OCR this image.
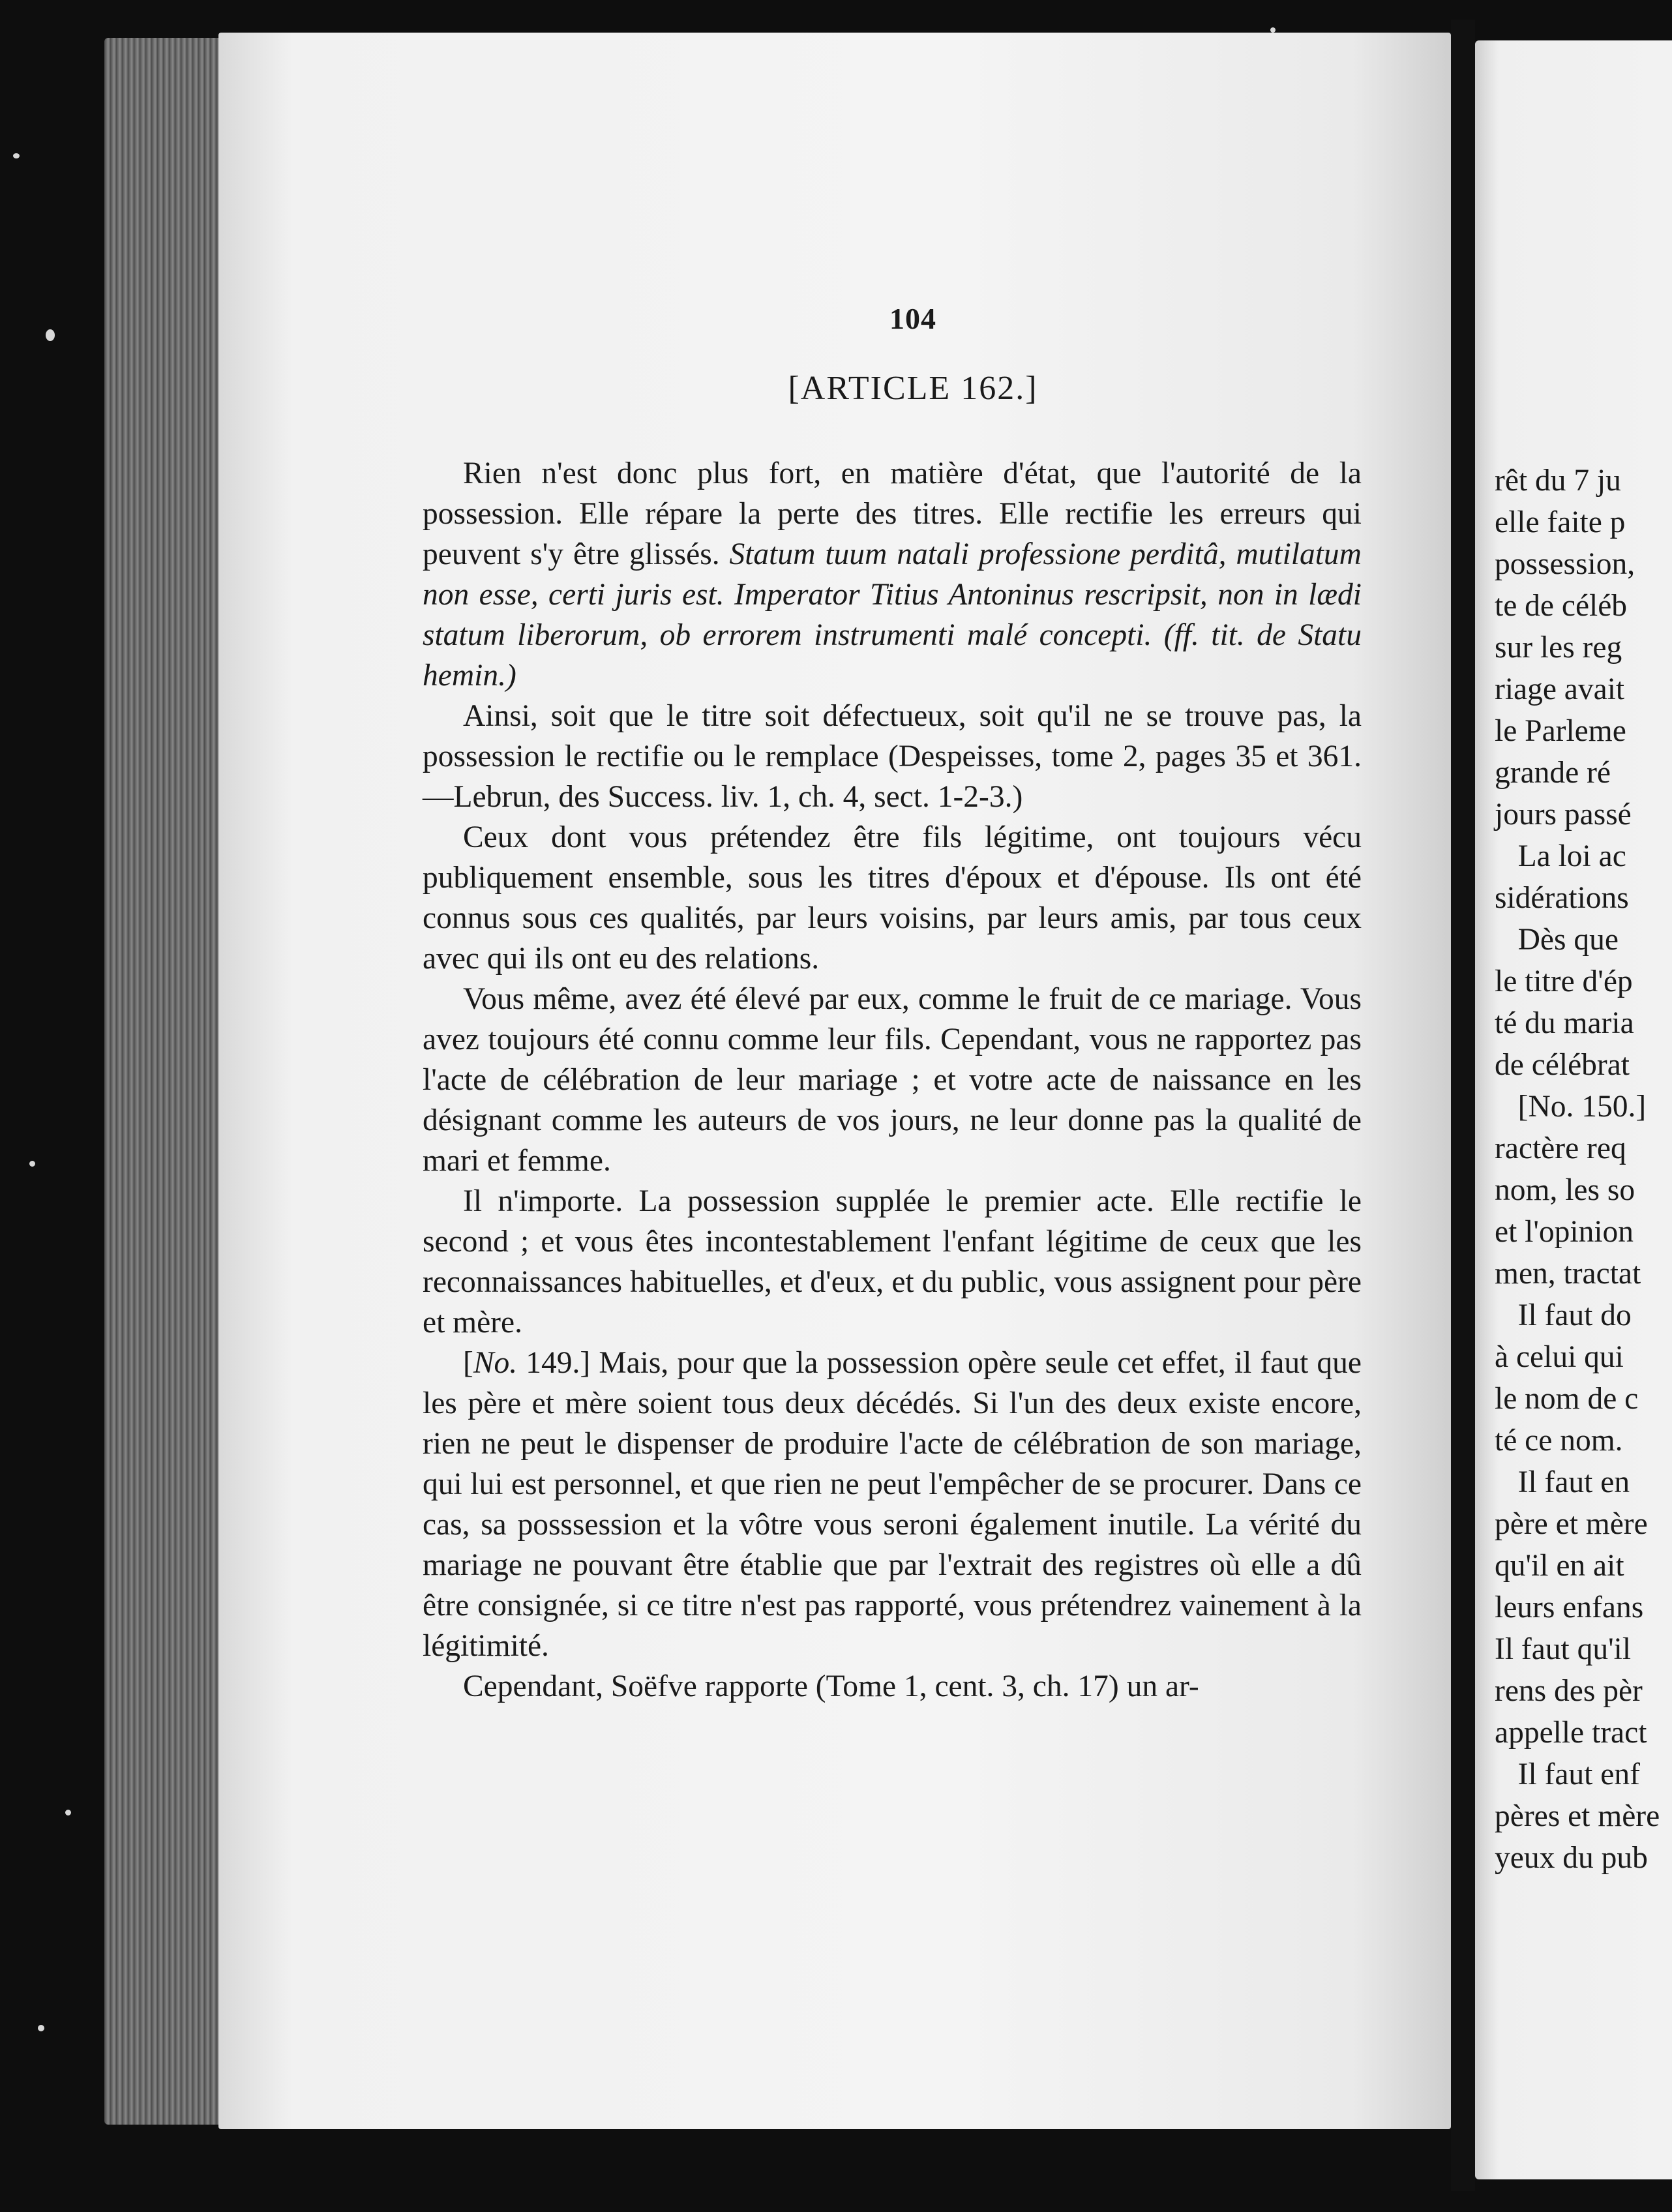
104
[ARTICLE 162.]

Rien n'est donc plus fort, en matière d'état, que l'autorité de la possession. Elle répare la perte des titres. Elle rectifie les erreurs qui peuvent s'y être glissés. Statum tuum natali professione perditâ, mutilatum non esse, certi juris est. Imperator Titius Antoninus rescripsit, non in lædi statum liberorum, ob errorem instrumenti malé concepti. (ff. tit. de Statu hemin.)

Ainsi, soit que le titre soit défectueux, soit qu'il ne se trouve pas, la possession le rectifie ou le remplace (Despeisses, tome 2, pages 35 et 361.—Lebrun, des Success. liv. 1, ch. 4, sect. 1-2-3.)

Ceux dont vous prétendez être fils légitime, ont toujours vécu publiquement ensemble, sous les titres d'époux et d'épouse. Ils ont été connus sous ces qualités, par leurs voisins, par leurs amis, par tous ceux avec qui ils ont eu des relations.

Vous même, avez été élevé par eux, comme le fruit de ce mariage. Vous avez toujours été connu comme leur fils. Cependant, vous ne rapportez pas l'acte de célébration de leur mariage ; et votre acte de naissance en les désignant comme les auteurs de vos jours, ne leur donne pas la qualité de mari et femme.

Il n'importe. La possession supplée le premier acte. Elle rectifie le second ; et vous êtes incontestablement l'enfant légitime de ceux que les reconnaissances habituelles, et d'eux, et du public, vous assignent pour père et mère.

[No. 149.] Mais, pour que la possession opère seule cet effet, il faut que les père et mère soient tous deux décédés. Si l'un des deux existe encore, rien ne peut le dispenser de produire l'acte de célébration de son mariage, qui lui est personnel, et que rien ne peut l'empêcher de se procurer. Dans ce cas, sa posssession et la vôtre vous seroni également inutile. La vérité du mariage ne pouvant être établie que par l'extrait des registres où elle a dû être consignée, si ce titre n'est pas rapporté, vous prétendrez vainement à la légitimité.

Cependant, Soëfve rapporte (Tome 1, cent. 3, ch. 17) un ar-

rêt du 7 ju
elle faite p
possession,
te de céléb
sur les reg
riage avait
le Parleme
grande ré
jours passé
La loi ac
sidérations
Dès que
le titre d'ép
té du maria
de célébrat
[No. 150.]
ractère req
nom, les so
et l'opinion
men, tractat
Il faut do
à celui qui
le nom de c
té ce nom.
Il faut en
père et mère
qu'il en ait
leurs enfans
Il faut qu'il
rens des pèr
appelle tract
Il faut enf
pères et mère
yeux du pub
